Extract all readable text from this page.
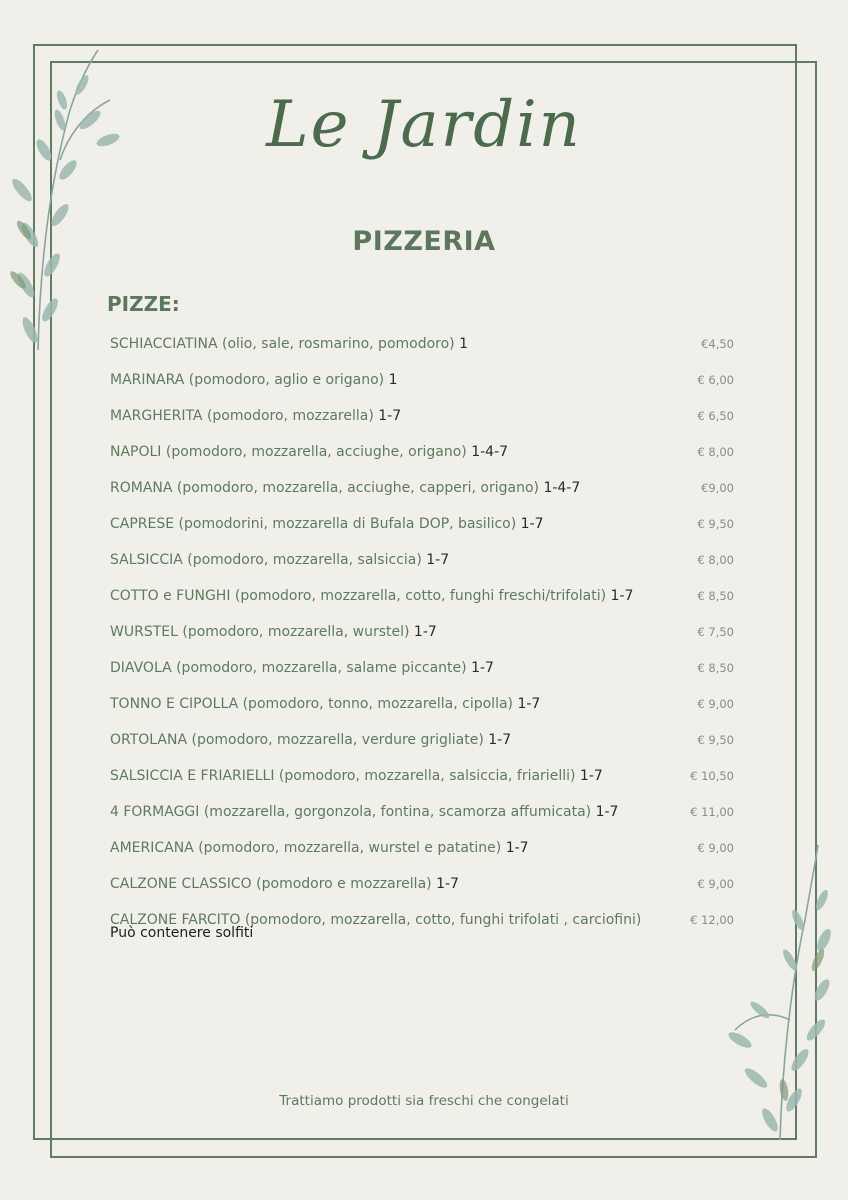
Le Jardin
PIZZERIA
PIZZE:
SCHIACCIATINA (olio, sale, rosmarino, pomodoro) 1	€4,50
MARINARA (pomodoro, aglio e origano) 1	€ 6,00
MARGHERITA (pomodoro, mozzarella) 1-7	€ 6,50
NAPOLI (pomodoro, mozzarella, acciughe, origano) 1-4-7	€ 8,00
ROMANA (pomodoro, mozzarella, acciughe, capperi, origano) 1-4-7	€9,00
CAPRESE (pomodorini, mozzarella di Bufala DOP, basilico) 1-7	€ 9,50
SALSICCIA (pomodoro, mozzarella, salsiccia) 1-7	€ 8,00
COTTO e FUNGHI (pomodoro, mozzarella, cotto, funghi freschi/trifolati) 1-7	€ 8,50
WURSTEL (pomodoro, mozzarella, wurstel) 1-7	€ 7,50
DIAVOLA (pomodoro, mozzarella, salame piccante) 1-7	€ 8,50
TONNO E CIPOLLA (pomodoro, tonno, mozzarella, cipolla) 1-7	€ 9,00
ORTOLANA (pomodoro, mozzarella, verdure grigliate) 1-7	€ 9,50
SALSICCIA E FRIARIELLI (pomodoro, mozzarella, salsiccia, friarielli) 1-7	€ 10,50
4 FORMAGGI (mozzarella, gorgonzola, fontina, scamorza affumicata) 1-7	€ 11,00
AMERICANA (pomodoro, mozzarella, wurstel e patatine) 1-7	€ 9,00
CALZONE CLASSICO (pomodoro e mozzarella) 1-7	€ 9,00
CALZONE FARCITO (pomodoro, mozzarella, cotto, funghi trifolati , carciofini)	€ 12,00
Può contenere solfiti
Trattiamo prodotti sia freschi che congelati
